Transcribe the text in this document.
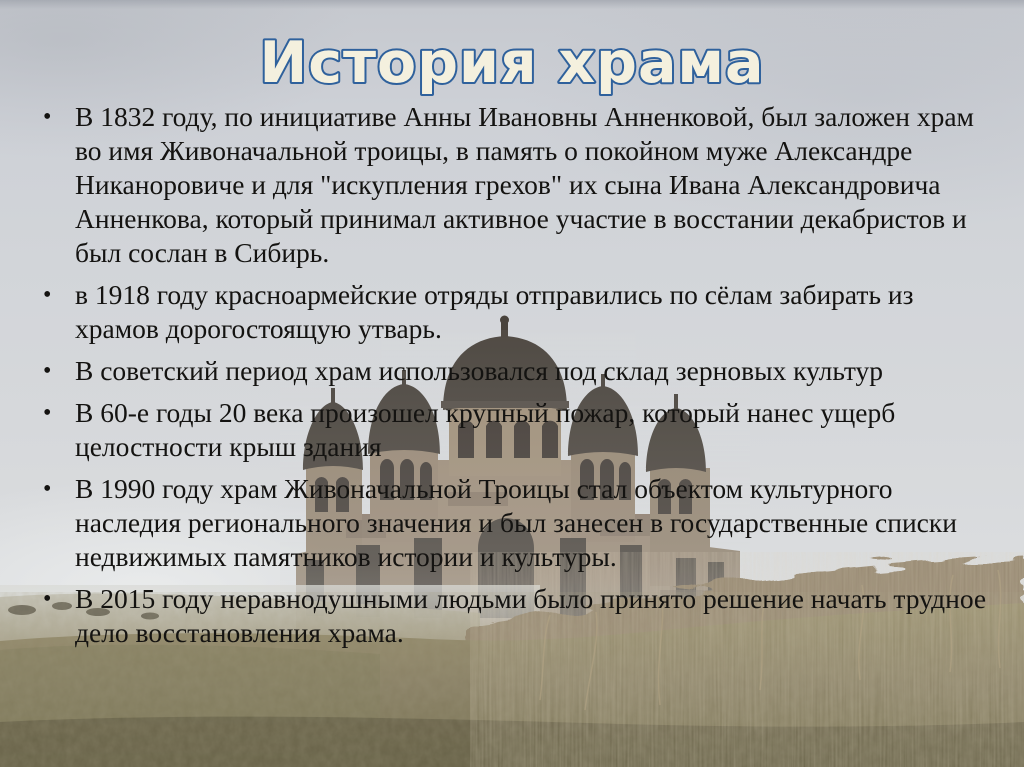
История храма
• В 1832 году, по инициативе Анны Ивановны Анненковой, был заложен храм во имя Живоначальной троицы, в память о покойном муже Александре Никаноровиче и для "искупления грехов" их сына Ивана Александровича Анненкова, который принимал активное участие в восстании декабристов и был сослан в Сибирь.
• в 1918 году красноармейские отряды отправились по сёлам забирать из храмов дорогостоящую утварь.
• В советский период храм использовался под склад зерновых культур
• В 60-е годы 20 века произошел крупный пожар, который нанес ущерб целостности крыш здания
• В 1990 году храм Живоначальной Троицы стал объектом культурного наследия регионального значения и был занесен в государственные списки недвижимых памятников истории и культуры.
• В 2015 году неравнодушными людьми было принято решение начать трудное дело восстановления храма.
